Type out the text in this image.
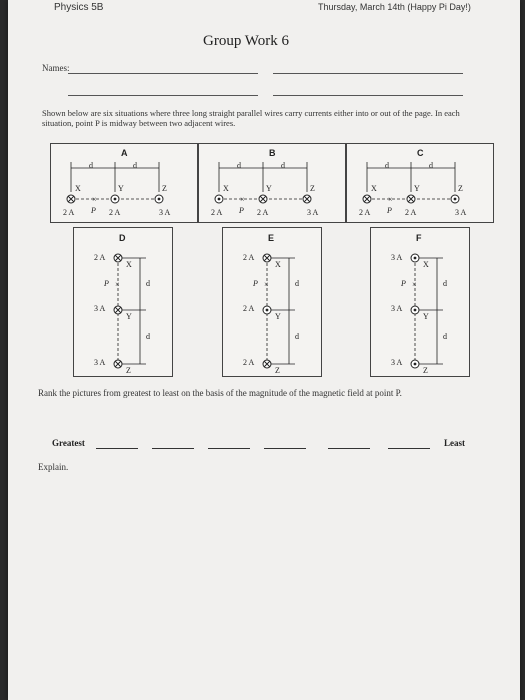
Physics 5B	Thursday, March 14th (Happy Pi Day!)
Group Work 6
Names:
Shown below are six situations where three long straight parallel wires carry currents either into or out of the page. In each situation, point P is midway between two adjacent wires.
A
×
d	d
X	Y	Z
2 A P 2 A	3 A
B
×
d	d
X	Y	Z
2 A P 2 A	3 A
C
×
d	d
X	Y	Z
2 A P 2 A	3 A
D
×
2 A
X
P	d
3 A
Y
d
3 A
Z
E
×
2 A
X
P	d
2 A
Y
d
2 A
Z
F
×
3 A
X
P	d
3 A
Y
d
3 A
Z
Rank the pictures from greatest to least on the basis of the magnitude of the magnetic field at point P.
Greatest	Least
Explain.
